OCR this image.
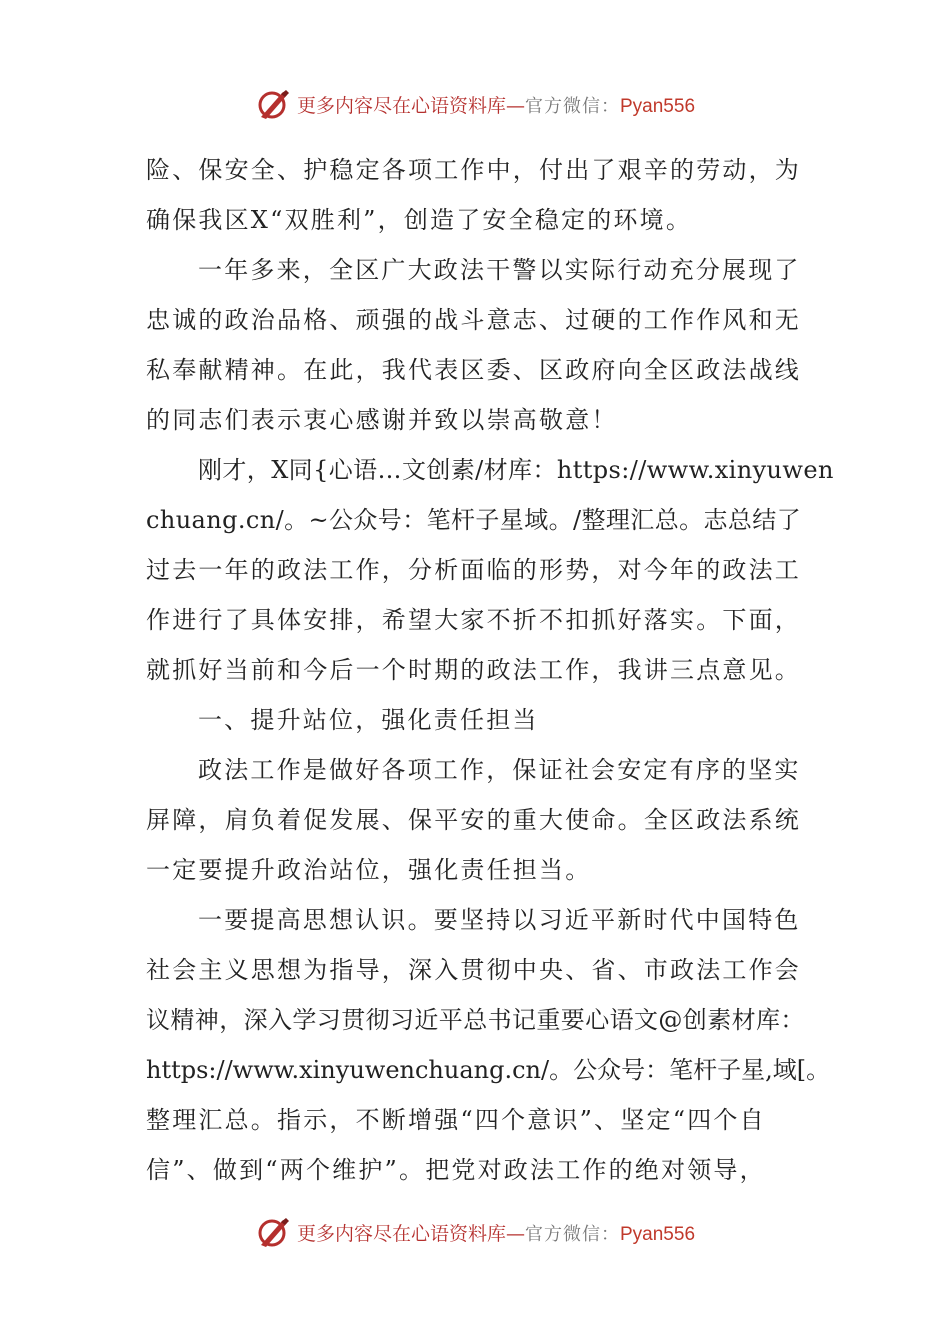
更多内容尽在心语资料库—官方微信：Pyan556
险、保安全、护稳定各项工作中，付出了艰辛的劳动，为
确保我区X“双胜利”，创造了安全稳定的环境。
一年多来，全区广大政法干警以实际行动充分展现了
忠诚的政治品格、顽强的战斗意志、过硬的工作作风和无
私奉献精神。在此，我代表区委、区政府向全区政法战线
的同志们表示衷心感谢并致以崇高敬意！
刚才，X同{心语…文创素/材库：https://www.xinyuwen
chuang.cn/。~公众号：笔杆子星域。/整理汇总。志总结了
过去一年的政法工作，分析面临的形势，对今年的政法工
作进行了具体安排，希望大家不折不扣抓好落实。下面，
就抓好当前和今后一个时期的政法工作，我讲三点意见。
一、提升站位，强化责任担当
政法工作是做好各项工作，保证社会安定有序的坚实
屏障，肩负着促发展、保平安的重大使命。全区政法系统
一定要提升政治站位，强化责任担当。
一要提高思想认识。要坚持以习近平新时代中国特色
社会主义思想为指导，深入贯彻中央、省、市政法工作会
议精神，深入学习贯彻习近平总书记重要心语文@创素材库：
https://www.xinyuwenchuang.cn/。公众号：笔杆子星,域[。
整理汇总。指示，不断增强“四个意识”、坚定“四个自
信”、做到“两个维护”。把党对政法工作的绝对领导，
更多内容尽在心语资料库—官方微信：Pyan556
